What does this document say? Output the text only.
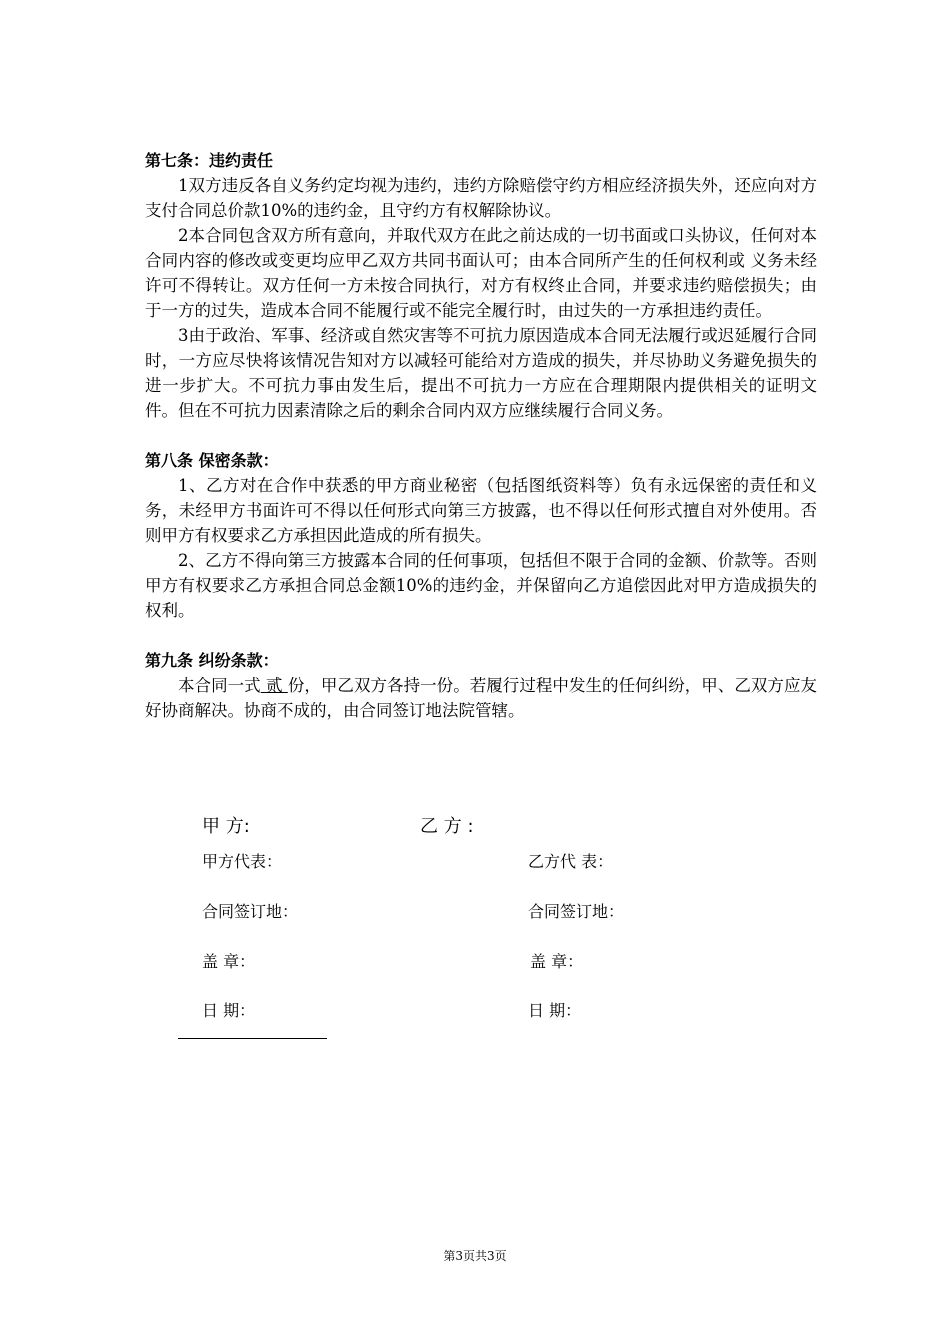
第七条：违约责任
1双方违反各自义务约定均视为违约，违约方除赔偿守约方相应经济损失外，还应向对方支付合同总价款10%的违约金，且守约方有权解除协议。
2本合同包含双方所有意向，并取代双方在此之前达成的一切书面或口头协议，任何对本合同内容的修改或变更均应甲乙双方共同书面认可；由本合同所产生的任何权利或 义务未经许可不得转让。双方任何一方未按合同执行，对方有权终止合同，并要求违约赔偿损失；由于一方的过失，造成本合同不能履行或不能完全履行时，由过失的一方承担违约责任。
3由于政治、军事、经济或自然灾害等不可抗力原因造成本合同无法履行或迟延履行合同时，一方应尽快将该情况告知对方以减轻可能给对方造成的损失，并尽协助义务避免损失的进一步扩大。不可抗力事由发生后，提出不可抗力一方应在合理期限内提供相关的证明文件。但在不可抗力因素清除之后的剩余合同内双方应继续履行合同义务。
第八条 保密条款：
1、乙方对在合作中获悉的甲方商业秘密（包括图纸资料等）负有永远保密的责任和义务，未经甲方书面许可不得以任何形式向第三方披露，也不得以任何形式擅自对外使用。否则甲方有权要求乙方承担因此造成的所有损失。
2、乙方不得向第三方披露本合同的任何事项，包括但不限于合同的金额、价款等。否则甲方有权要求乙方承担合同总金额10%的违约金，并保留向乙方追偿因此对甲方造成损失的权利。
第九条 纠纷条款：
本合同一式 贰 份，甲乙双方各持一份。若履行过程中发生的任何纠纷，甲、乙双方应友好协商解决。协商不成的，由合同签订地法院管辖。
甲 方:	乙 方 :
甲方代表：	乙方代 表：
合同签订地：	合同签订地：
盖 章：	盖 章：
日 期：	日 期：
第3页共3页
